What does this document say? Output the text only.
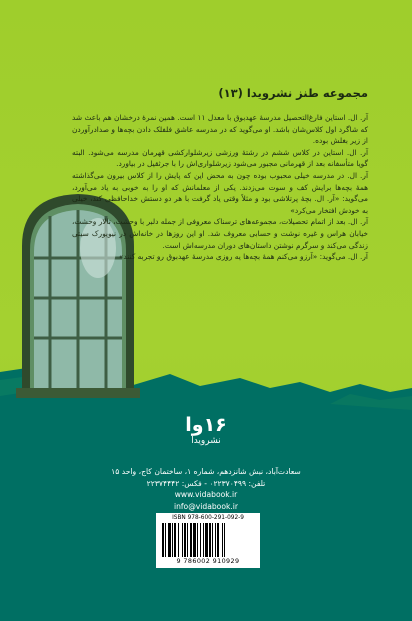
مجموعه طنز نشرویدا (۱۳)

آر. ال. استاین فارغ‌التحصیل مدرسهٔ عهدبوق با معدل ۱۱ است. همین نمرهٔ درخشان هم باعث شد که شاگرد اول کلاس‌شان باشد. او می‌گوید که در مدرسه عاشق فلفلک دادن بچه‌ها و صدادرآوردن از زیر بغلش بوده.

آر. ال. استاین در کلاس ششم در رشتهٔ ورزشی زیرشلوارکشی قهرمان مدرسه می‌شود. البته گویا متأسفانه بعد از قهرمانی مجبور می‌شود زیرشلواری‌اش را با جرثقیل در بیاورد.

آر. ال. در مدرسه خیلی محبوب بوده چون به محض این که پایش را از کلاس بیرون می‌گذاشته همهٔ بچه‌ها برایش کف و سوت می‌زدند. یکی از معلمانش که او را به خوبی به یاد می‌آورد، می‌گوید: «آر. ال. بچهٔ پرتلاشی بود و مثلاً وقتی یاد گرفت با هر دو دستش خداحافظی کند، خیلی به خودش افتخار می‌کرد»

آر. ال. بعد از اتمام تحصیلات، مجموعه‌های ترسناک معروفی از جمله دلبر با وحشت، تالار وحشت، خیابان هراس و غیره نوشت و حسابی معروف شد. او این روزها در خانه‌اش در نیویورک سیتی زندگی می‌کند و سرگرم نوشتن داستان‌های دوران مدرسه‌اش است.

آر. ال. می‌گوید: «آرزو می‌کنم همهٔ بچه‌ها یه روزی مدرسهٔ عهدبوق رو تجربه کنند»

۱۶وا
نشرویدا
سعادت‌آباد، نبش شانزدهم، شماره ۱، ساختمان کاج، واحد ۱۵
تلفن: ۰۲۲۳۷۰۴۹۹ - فکس: ۲۲۳۷۴۴۴۲
www.vidabook.ir
info@vidabook.ir
ISBN 978-600-291-092-9
9 786002 910929
